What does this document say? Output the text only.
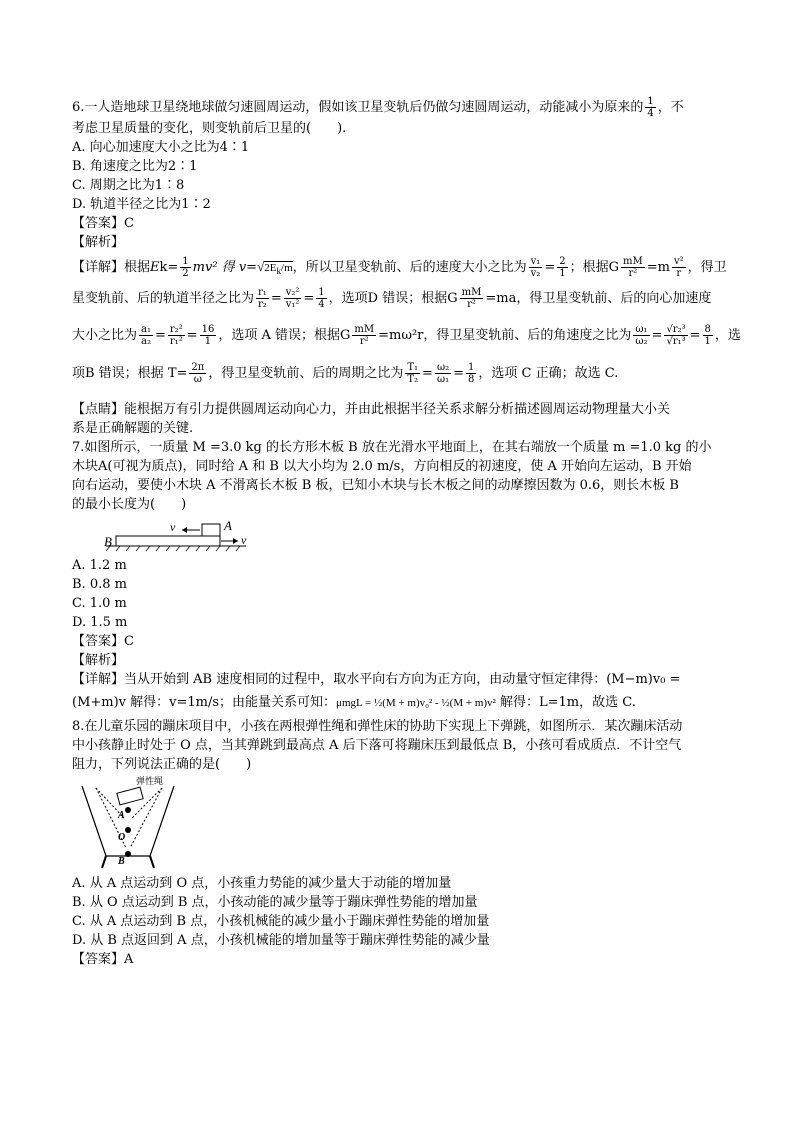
6.一人造地球卫星绕地球做匀速圆周运动，假如该卫星变轨后仍做匀速圆周运动，动能减小为原来的 $\frac{1}{4}$ ，不
考虑卫星质量的变化，则变轨前后卫星的(　　).
A. 向心加速度大小之比为4∶1
B. 角速度之比为2∶1
C. 周期之比为1∶8
D. 轨道半径之比为1∶2
【答案】C
【解析】
【详解】根据$Ek= \frac{1}{2} mv^2$ 得 $v=√2E_k/m$，所以卫星变轨前、后的速度大小之比为 $\frac{\text{v₁}}{\text{v₂}} = \frac{2}{1}$ ；根据G $\frac{mM}{\text{r²}} =m \frac{\text{v²}}{r}$ ，得卫
星变轨前、后的轨道半径之比为 $\frac{\text{r₁}}{\text{r₂}} = \frac{\text{v₂²}}{\text{v₁²}} = \frac{1}{4}$ ，选项D 错误；根据G $\frac{mM}{\text{r²}} =ma$，得卫星变轨前、后的向心加速度
大小之比为 $\frac{\text{a₁}}{\text{a₂}} = \frac{\text{r₂²}}{\text{r₁²}} = \frac{16}{1}$ ，选项 A 错误；根据G $\frac{mM}{\text{r²}} =m\omega^2r$，得卫星变轨前、后的角速度之比为 $\frac{\text{ω₁}}{\text{ω₂}} = \frac{\text{√r₂³}}{\text{√r₁³}} = \frac{8}{1}$ ，选
项B 错误；根据 $T= \frac{2\pi}{\omega}$ ，得卫星变轨前、后的周期之比为 $\frac{\text{T₁}}{\text{T₂}} = \frac{\text{ω₂}}{\text{ω₁}} = \frac{1}{8}$ ，选项 C 正确；故选 C.
【点睛】能根据万有引力提供圆周运动向心力，并由此根据半径关系求解分析描述圆周运动物理量大小关
系是正确解题的关键.
7.如图所示，一质量 M =3.0 kg 的长方形木板 B 放在光滑水平地面上，在其右端放一个质量 m =1.0 kg 的小
木块A(可视为质点)，同时给 A 和 B 以大小均为 2.0 m/s，方向相反的初速度，使 A 开始向左运动，B 开始
向右运动，要使小木块 A 不滑离长木板 B 板，已知小木块与长木板之间的动摩擦因数为 0.6，则长木板 B
的最小长度为(　　)
B
A
v
v
A. 1.2 m
B. 0.8 m
C. 1.0 m
D. 1.5 m
【答案】C
【解析】
【详解】当从开始到 AB 速度相同的过程中，取水平向右方向为正方向，由动量守恒定律得：(M−m)v₀ =
(M+m)v 解得：v=1m/s；由能量关系可知：μmgL = ½(M + m)v₀² - ½(M + m)v² 解得：L=1m，故选 C.
8.在儿童乐园的蹦床项目中，小孩在两根弹性绳和弹性床的协助下实现上下弹跳，如图所示．某次蹦床活动
中小孩静止时处于 O 点，当其弹跳到最高点 A 后下落可将蹦床压到最低点 B，小孩可看成质点．不计空气
阻力，下列说法正确的是(　　)
弹性绳
A
O
B
A. 从 A 点运动到 O 点，小孩重力势能的减少量大于动能的增加量
B. 从 O 点运动到 B 点，小孩动能的减少量等于蹦床弹性势能的增加量
C. 从 A 点运动到 B 点，小孩机械能的减少量小于蹦床弹性势能的增加量
D. 从 B 点返回到 A 点，小孩机械能的增加量等于蹦床弹性势能的减少量
【答案】A
